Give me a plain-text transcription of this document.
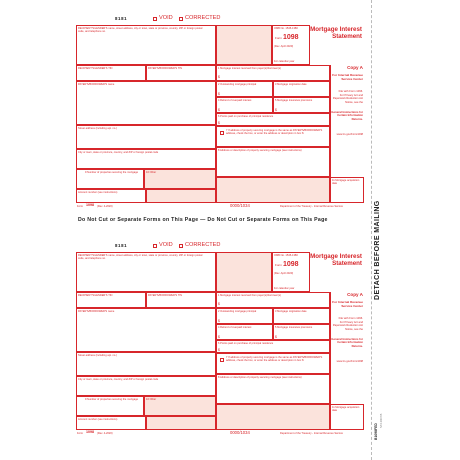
8181	VOID CORRECTED
RECIPIENT'S/LENDER'S name, street address, city or town, state or province, country, ZIP or foreign postal code, and telephone no.
RECIPIENT'S/LENDER'S TIN	PAYER'S/BORROWER'S TIN
PAYER'S/BORROWER'S name
Street address (including apt. no.)
City or town, state or province, country, and ZIP or foreign postal code
9 Number of properties securing the mortgage	10 Other
Account number (see instructions)
OMB No. 1545-1380
Form 1098
(Rev. April 2020)
For calendar year
1 Mortgage interest received from payer(s)/borrower(s)
$
2 Outstanding mortgage principal
$
3 Mortgage origination date
4 Refund of overpaid interest
$
5 Mortgage insurance premiums
$
6 Points paid on purchase of principal residence
$
7 If address of property securing mortgage is the same as PAYER'S/BORROWER'S address, check the box, or enter the address or description in box 8.
8 Address or description of property securing mortgage (see instructions)
Mortgage Interest Statement
Copy A
For Internal Revenue Service Center
File with Form 1096.
For Privacy Act and Paperwork Reduction Act Notice, see the
General Instructions for Certain Information Returns.
www.irs.gov/Form1098
11 Mortgage acquisition date
Form 1098 (Rev. 4-2020)	0000/1034	Department of the Treasury - Internal Revenue Service
Do Not Cut or Separate Forms on This Page — Do Not Cut or Separate Forms on This Page
8181	VOID CORRECTED
RECIPIENT'S/LENDER'S name, street address, city or town, state or province, country, ZIP or foreign postal code, and telephone no.
RECIPIENT'S/LENDER'S TIN	PAYER'S/BORROWER'S TIN
PAYER'S/BORROWER'S name
Street address (including apt. no.)
City or town, state or province, country, and ZIP or foreign postal code
9 Number of properties securing the mortgage	10 Other
Account number (see instructions)
OMB No. 1545-1380
Form 1098
(Rev. April 2020)
For calendar year
1 Mortgage interest received from payer(s)/borrower(s)
$
2 Outstanding mortgage principal
$
3 Mortgage origination date
4 Refund of overpaid interest
$
5 Mortgage insurance premiums
$
6 Points paid on purchase of principal residence
$
7 If address of property securing mortgage is the same as PAYER'S/BORROWER'S address, check the box, or enter the address or description in box 8.
8 Address or description of property securing mortgage (see instructions)
Mortgage Interest Statement
Copy A
For Internal Revenue Service Center
File with Form 1096.
For Privacy Act and Paperwork Reduction Act Notice, see the
General Instructions for Certain Information Returns.
www.irs.gov/Form1098
11 Mortgage acquisition date
Form 1098 (Rev. 4-2020)	0000/1034	Department of the Treasury - Internal Revenue Service
DETACH BEFORE MAILING
B1098FED
NT2 200705
